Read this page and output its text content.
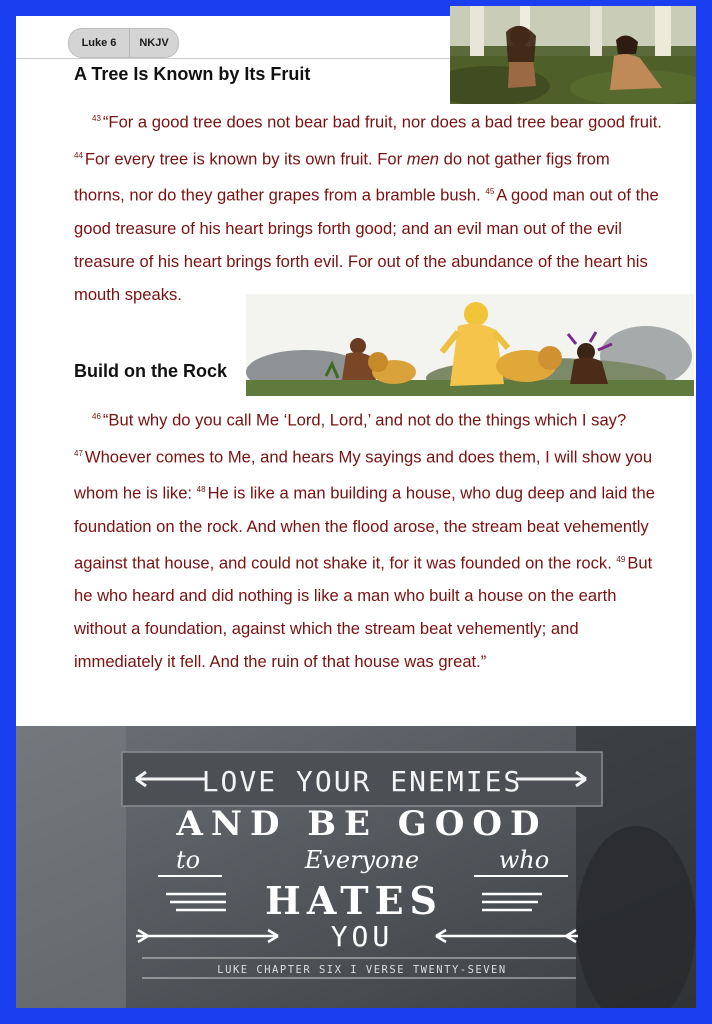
Luke 6	NKJV
A Tree Is Known by Its Fruit

$^{43}$ “For a good tree does not bear bad fruit, nor does a bad tree bear good fruit. $^{44}$ For every tree is known by its own fruit. For men do not gather figs from thorns, nor do they gather grapes from a bramble bush. $^{45}$ A good man out of the good treasure of his heart brings forth good; and an evil man out of the evil treasure of his heart brings forth evil. For out of the abundance of the heart his mouth speaks.

Build on the Rock

$^{46}$ “But why do you call Me ‘Lord, Lord,’ and not do the things which I say? $^{47}$ Whoever comes to Me, and hears My sayings and does them, I will show you whom he is like: $^{48}$ He is like a man building a house, who dug deep and laid the foundation on the rock. And when the flood arose, the stream beat vehemently against that house, and could not shake it, for it was founded on the rock. $^{49}$ But he who heard and did nothing is like a man who built a house on the earth without a foundation, against which the stream beat vehemently; and immediately it fell. And the ruin of that house was great.”

LOVE YOUR ENEMIES
AND BE GOOD
to	Everyone	who
HATES
YOU
LUKE CHAPTER SIX I VERSE TWENTY-SEVEN
